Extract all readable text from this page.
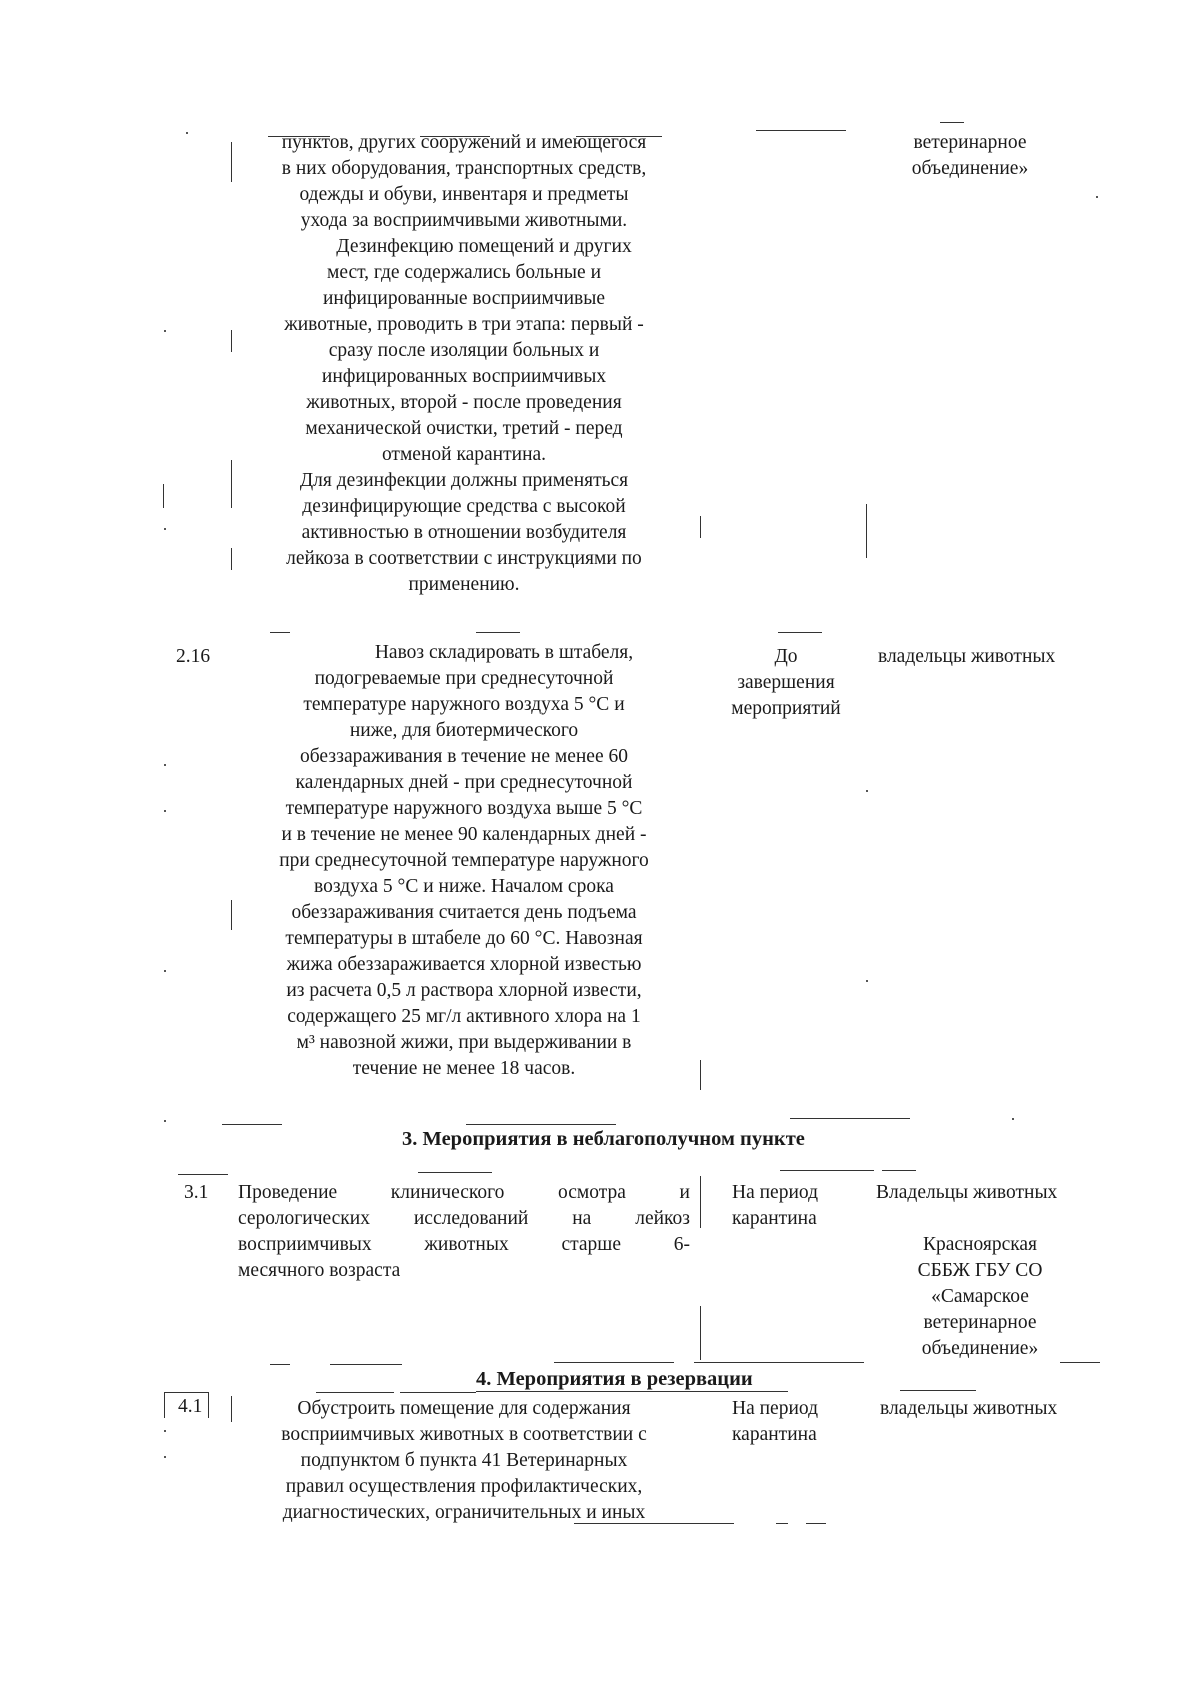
пунктов, других сооружений и имеющегося
в них оборудования, транспортных средств,
одежды и обуви, инвентаря и предметы
ухода за восприимчивыми животными.
Дезинфекцию помещений и других
мест, где содержались больные и
инфицированные восприимчивые
животные, проводить в три этапа: первый -
сразу после изоляции больных и
инфицированных восприимчивых
животных, второй - после проведения
механической очистки, третий - перед
отменой карантина.
Для дезинфекции должны применяться
дезинфицирующие средства с высокой
активностью в отношении возбудителя
лейкоза в соответствии с инструкциями по
применению.
ветеринарное
объединение»
2.16	Навоз складировать в штабеля,
подогреваемые при среднесуточной
температуре наружного воздуха 5 °С и
ниже, для биотермического
обеззараживания в течение не менее 60
календарных дней - при среднесуточной
температуре наружного воздуха выше 5 °С
и в течение не менее 90 календарных дней -
при среднесуточной температуре наружного
воздуха 5 °С и ниже. Началом срока
обеззараживания считается день подъема
температуры в штабеле до 60 °С. Навозная
жижа обеззараживается хлорной известью
из расчета 0,5 л раствора хлорной извести,
содержащего 25 мг/л активного хлора на 1
м³ навозной жижи, при выдерживании в
течение не менее 18 часов.
До
завершения
мероприятий
владельцы животных
3. Мероприятия в неблагополучном пункте
3.1 Проведение клинического осмотра и
серологических исследований на лейкоз
восприимчивых животных старше 6-
месячного возраста
На период
карантина
Владельцы животных
Красноярская
СББЖ ГБУ СО
«Самарское
ветеринарное
объединение»
4. Мероприятия в резервации
4.1	Обустроить помещение для содержания
восприимчивых животных в соответствии с
подпунктом б пункта 41 Ветеринарных
правил осуществления профилактических,
диагностических, ограничительных и иных
На период
карантина
владельцы животных
